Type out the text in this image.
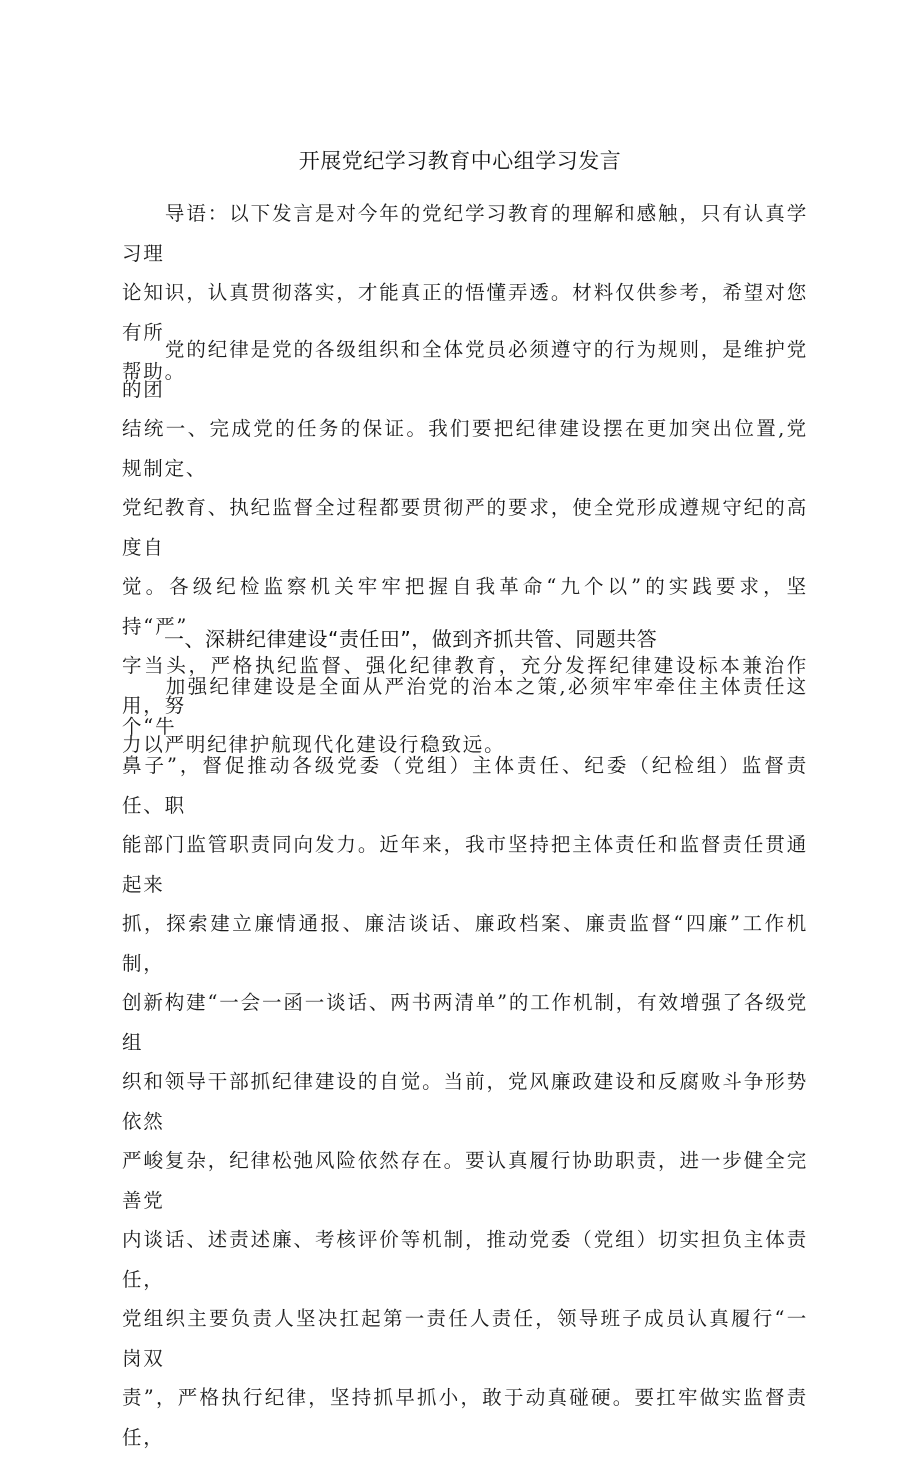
开展党纪学习教育中心组学习发言

　　导语：以下发言是对今年的党纪学习教育的理解和感触，只有认真学习理
论知识，认真贯彻落实，才能真正的悟懂弄透。材料仅供参考，希望对您有所
帮助。

　　党的纪律是党的各级组织和全体党员必须遵守的行为规则，是维护党的团
结统一、完成党的任务的保证。我们要把纪律建设摆在更加突出位置,党规制定、
党纪教育、执纪监督全过程都要贯彻严的要求，使全党形成遵规守纪的高度自
觉。各级纪检监察机关牢牢把握自我革命“九个以”的实践要求，坚持“严”
字当头，严格执纪监督、强化纪律教育，充分发挥纪律建设标本兼治作用，努
力以严明纪律护航现代化建设行稳致远。

一、深耕纪律建设“责任田”，做到齐抓共管、同题共答

　　加强纪律建设是全面从严治党的治本之策,必须牢牢牵住主体责任这个“牛
鼻子”，督促推动各级党委（党组）主体责任、纪委（纪检组）监督责任、职
能部门监管职责同向发力。近年来，我市坚持把主体责任和监督责任贯通起来
抓，探索建立廉情通报、廉洁谈话、廉政档案、廉责监督“四廉”工作机制，
创新构建“一会一函一谈话、两书两清单”的工作机制，有效增强了各级党组
织和领导干部抓纪律建设的自觉。当前，党风廉政建设和反腐败斗争形势依然
严峻复杂，纪律松弛风险依然存在。要认真履行协助职责，进一步健全完善党
内谈话、述责述廉、考核评价等机制，推动党委（党组）切实担负主体责任，
党组织主要负责人坚决扛起第一责任人责任，领导班子成员认真履行“一岗双
责”，严格执行纪律，坚持抓早抓小，敢于动真碰硬。要扛牢做实监督责任，
